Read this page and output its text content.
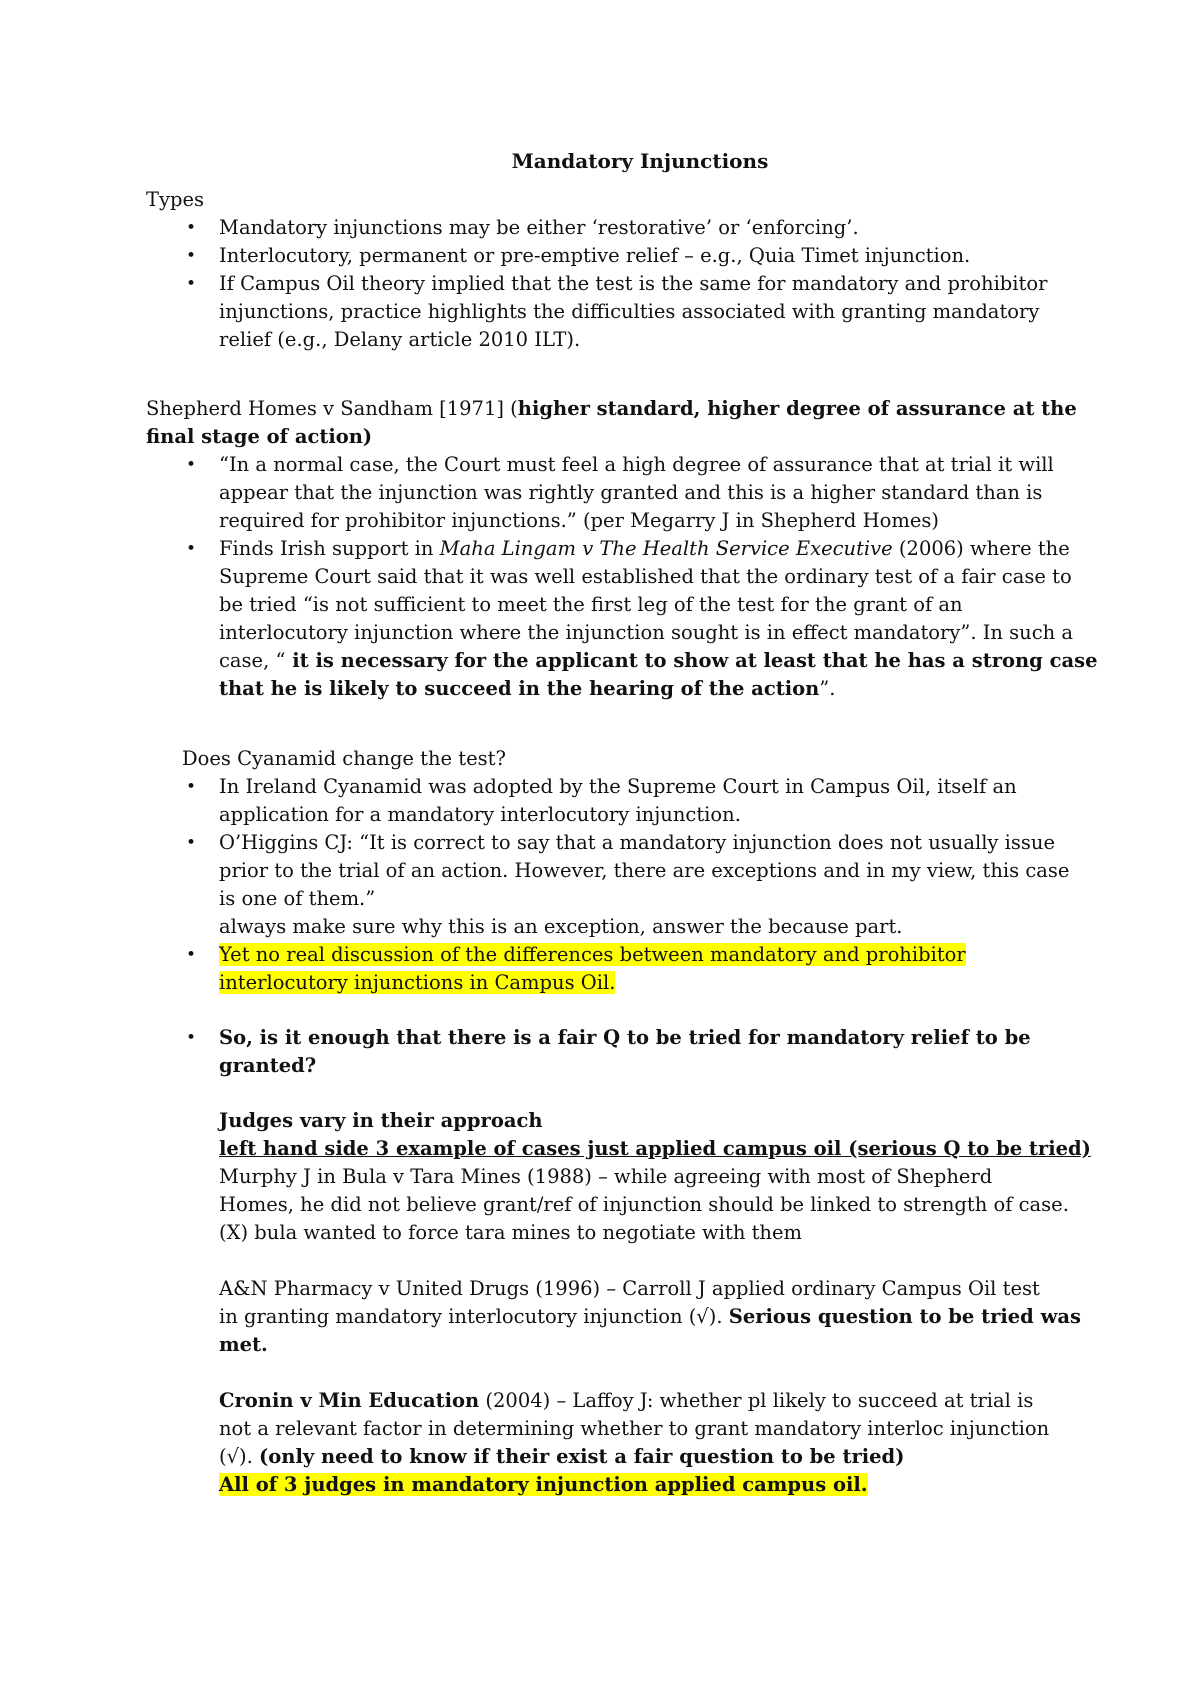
Mandatory Injunctions
Types
• Mandatory injunctions may be either ‘restorative’ or ‘enforcing’.
• Interlocutory, permanent or pre-emptive relief – e.g., Quia Timet injunction.
• If Campus Oil theory implied that the test is the same for mandatory and prohibitor
injunctions, practice highlights the difficulties associated with granting mandatory
relief (e.g., Delany article 2010 ILT).
Shepherd Homes v Sandham [1971] (higher standard, higher degree of assurance at the
final stage of action)
• “In a normal case, the Court must feel a high degree of assurance that at trial it will
appear that the injunction was rightly granted and this is a higher standard than is
required for prohibitor injunctions.” (per Megarry J in Shepherd Homes)
• Finds Irish support in Maha Lingam v The Health Service Executive (2006) where the
Supreme Court said that it was well established that the ordinary test of a fair case to
be tried “is not sufficient to meet the first leg of the test for the grant of an
interlocutory injunction where the injunction sought is in effect mandatory”. In such a
case, “ it is necessary for the applicant to show at least that he has a strong case
that he is likely to succeed in the hearing of the action”.
Does Cyanamid change the test?
• In Ireland Cyanamid was adopted by the Supreme Court in Campus Oil, itself an
application for a mandatory interlocutory injunction.
• O’Higgins CJ: “It is correct to say that a mandatory injunction does not usually issue
prior to the trial of an action. However, there are exceptions and in my view, this case
is one of them.”
always make sure why this is an exception, answer the because part.
• Yet no real discussion of the differences between mandatory and prohibitor
interlocutory injunctions in Campus Oil.
• So, is it enough that there is a fair Q to be tried for mandatory relief to be
granted?
Judges vary in their approach
left hand side 3 example of cases just applied campus oil (serious Q to be tried)
Murphy J in Bula v Tara Mines (1988) – while agreeing with most of Shepherd
Homes, he did not believe grant/ref of injunction should be linked to strength of case.
(X) bula wanted to force tara mines to negotiate with them
A&N Pharmacy v United Drugs (1996) – Carroll J applied ordinary Campus Oil test
in granting mandatory interlocutory injunction (√). Serious question to be tried was
met.
Cronin v Min Education (2004) – Laffoy J: whether pl likely to succeed at trial is
not a relevant factor in determining whether to grant mandatory interloc injunction
(√). (only need to know if their exist a fair question to be tried)
All of 3 judges in mandatory injunction applied campus oil.
